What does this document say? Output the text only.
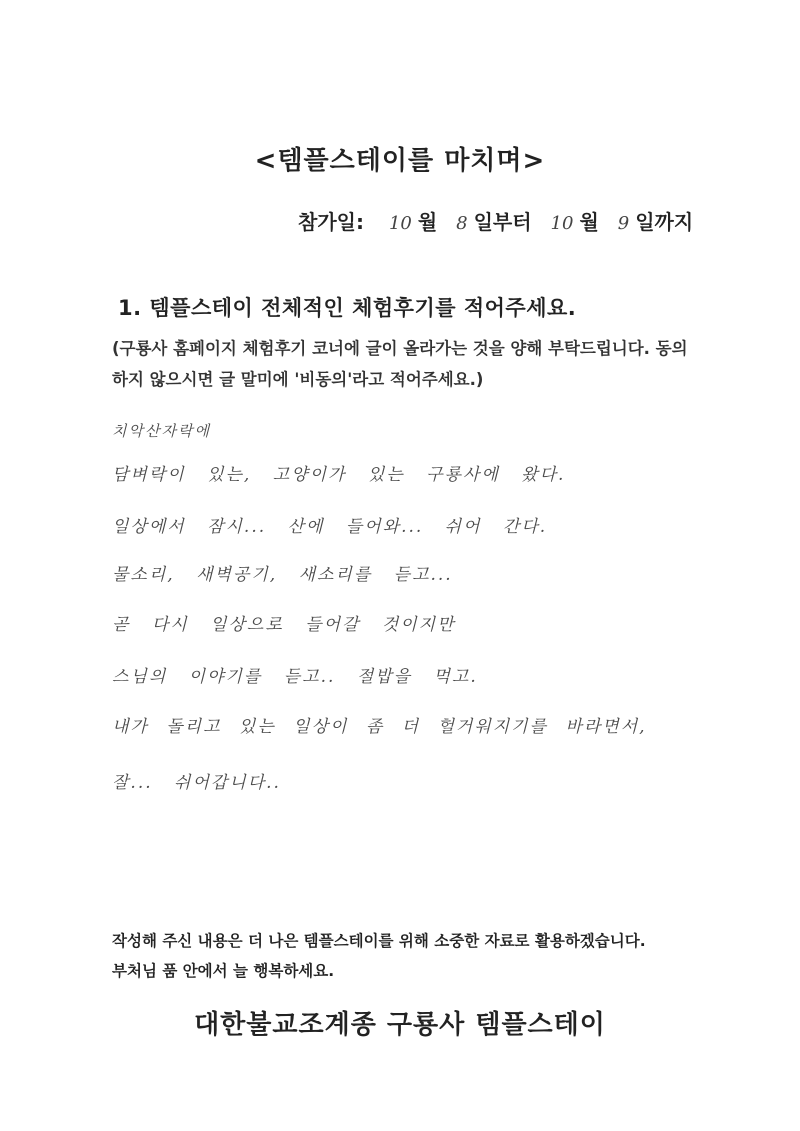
<템플스테이를 마치며>
참가일: 10 월 8 일부터 10 월 9 일까지
1. 템플스테이 전체적인 체험후기를 적어주세요.
(구룡사 홈페이지 체험후기 코너에 글이 올라가는 것을 양해 부탁드립니다. 동의하지 않으시면 글 말미에 '비동의'라고 적어주세요.)
치악산자락에
담벼락이 있는, 고양이가 있는 구룡사에 왔다.
일상에서 잠시... 산에 들어와... 쉬어 간다.
물소리, 새벽공기, 새소리를 듣고...
곧 다시 일상으로 들어갈 것이지만
스님의 이야기를 듣고.. 절밥을 먹고.
내가 돌리고 있는 일상이 좀 더 헐거워지기를 바라면서,
잘... 쉬어갑니다..
작성해 주신 내용은 더 나은 템플스테이를 위해 소중한 자료로 활용하겠습니다.
부처님 품 안에서 늘 행복하세요.
대한불교조계종 구룡사 템플스테이
